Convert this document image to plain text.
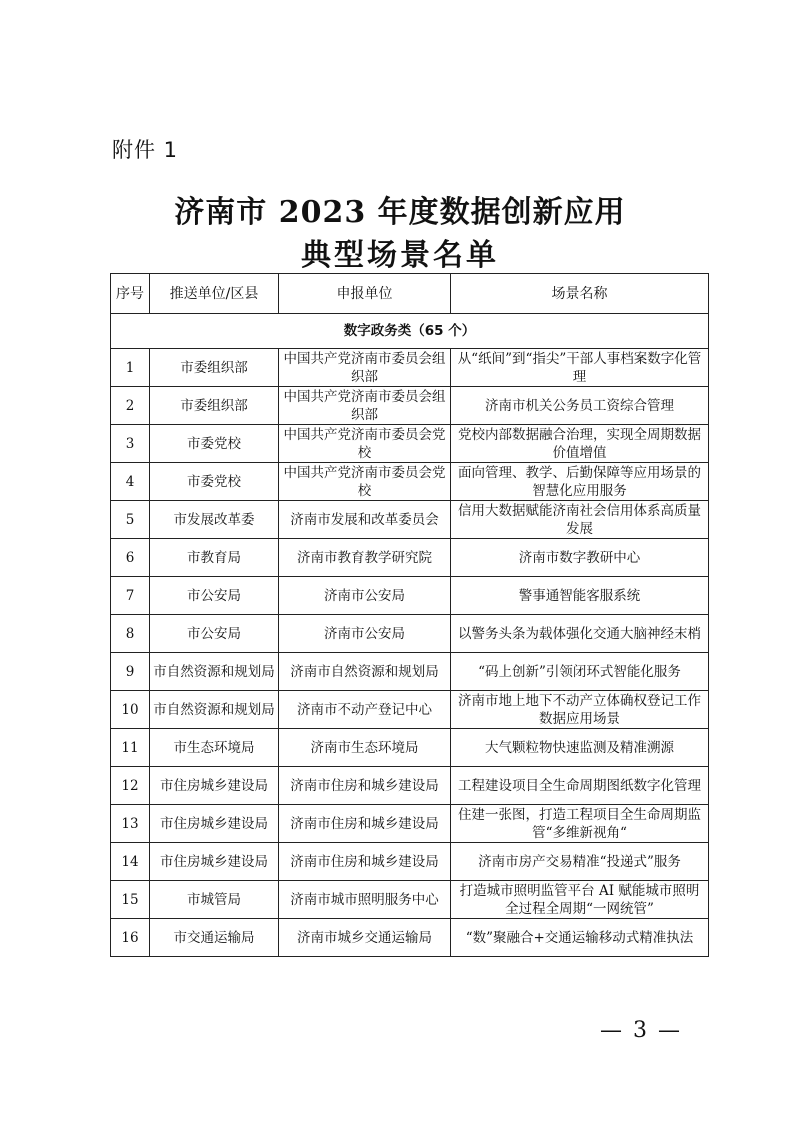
附件 1
济南市 2023 年度数据创新应用
典型场景名单
序号	推送单位/区县	申报单位	场景名称
数字政务类（65 个）			
1	市委组织部	中国共产党济南市委员会组织部	从“纸间”到“指尖”干部人事档案数字化管理
2	市委组织部	中国共产党济南市委员会组织部	济南市机关公务员工资综合管理
3	市委党校	中国共产党济南市委员会党校	党校内部数据融合治理，实现全周期数据价值增值
4	市委党校	中国共产党济南市委员会党校	面向管理、教学、后勤保障等应用场景的智慧化应用服务
5	市发展改革委	济南市发展和改革委员会	信用大数据赋能济南社会信用体系高质量发展
6	市教育局	济南市教育教学研究院	济南市数字教研中心
7	市公安局	济南市公安局	警事通智能客服系统
8	市公安局	济南市公安局	以警务头条为载体强化交通大脑神经末梢
9	市自然资源和规划局	济南市自然资源和规划局	“码上创新”引领闭环式智能化服务
10	市自然资源和规划局	济南市不动产登记中心	济南市地上地下不动产立体确权登记工作数据应用场景
11	市生态环境局	济南市生态环境局	大气颗粒物快速监测及精准溯源
12	市住房城乡建设局	济南市住房和城乡建设局	工程建设项目全生命周期图纸数字化管理
13	市住房城乡建设局	济南市住房和城乡建设局	住建一张图，打造工程项目全生命周期监管“多维新视角“
14	市住房城乡建设局	济南市住房和城乡建设局	济南市房产交易精准“投递式”服务
15	市城管局	济南市城市照明服务中心	打造城市照明监管平台 AI 赋能城市照明全过程全周期“一网统管”
16	市交通运输局	济南市城乡交通运输局	“数”聚融合+交通运输移动式精准执法
— 3 —
